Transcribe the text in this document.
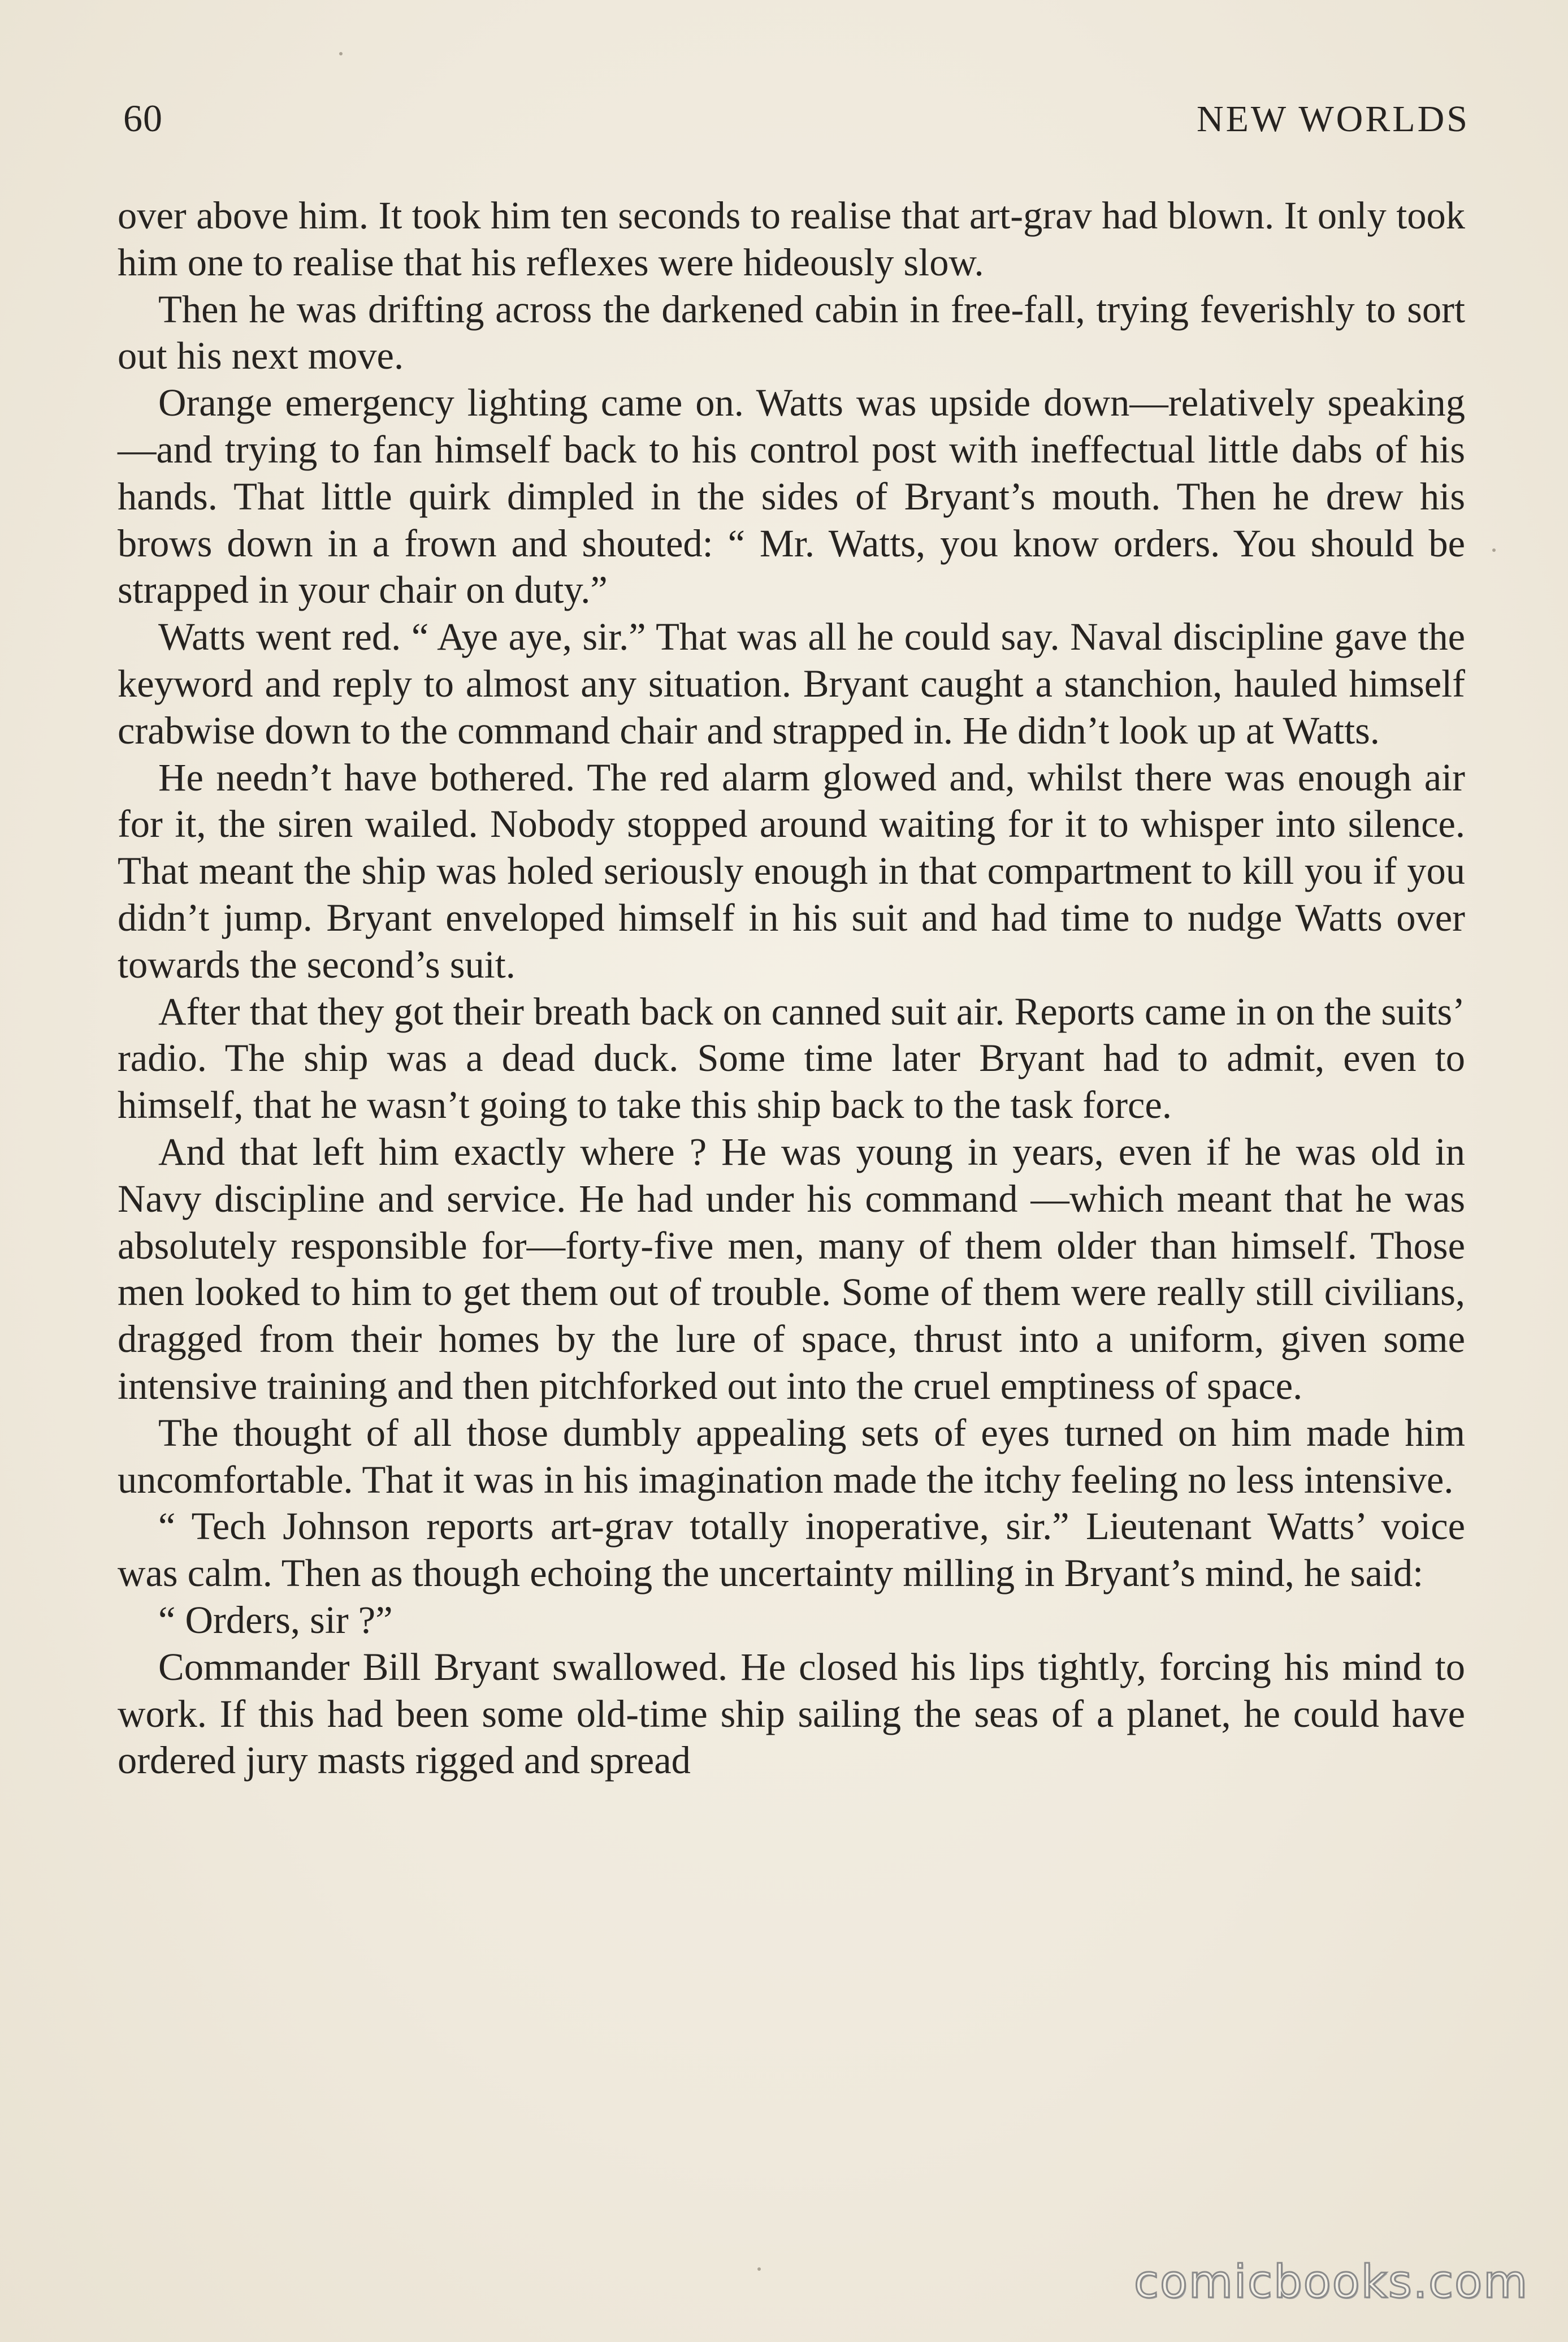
60	NEW WORLDS

over above him. It took him ten seconds to realise that art-grav had blown. It only took him one to realise that his reflexes were hideously slow.

Then he was drifting across the darkened cabin in free-fall, trying feverishly to sort out his next move.

Orange emergency lighting came on. Watts was upside down—relatively speaking—and trying to fan himself back to his control post with ineffectual little dabs of his hands. That little quirk dimpled in the sides of Bryant’s mouth. Then he drew his brows down in a frown and shouted: “ Mr. Watts, you know orders. You should be strapped in your chair on duty.”

Watts went red. “ Aye aye, sir.” That was all he could say. Naval discipline gave the keyword and reply to almost any situation. Bryant caught a stanchion, hauled himself crabwise down to the command chair and strapped in. He didn’t look up at Watts.

He needn’t have bothered. The red alarm glowed and, whilst there was enough air for it, the siren wailed. Nobody stopped around waiting for it to whisper into silence. That meant the ship was holed seriously enough in that compartment to kill you if you didn’t jump. Bryant enveloped himself in his suit and had time to nudge Watts over towards the second’s suit.

After that they got their breath back on canned suit air. Reports came in on the suits’ radio. The ship was a dead duck. Some time later Bryant had to admit, even to himself, that he wasn’t going to take this ship back to the task force.

And that left him exactly where ? He was young in years, even if he was old in Navy discipline and service. He had under his command —which meant that he was absolutely responsible for—forty-five men, many of them older than himself. Those men looked to him to get them out of trouble. Some of them were really still civilians, dragged from their homes by the lure of space, thrust into a uniform, given some intensive training and then pitchforked out into the cruel emptiness of space.

The thought of all those dumbly appealing sets of eyes turned on him made him uncomfortable. That it was in his imagination made the itchy feeling no less intensive.

“ Tech Johnson reports art-grav totally inoperative, sir.” Lieutenant Watts’ voice was calm. Then as though echoing the uncertainty milling in Bryant’s mind, he said:

“ Orders, sir ?”

Commander Bill Bryant swallowed. He closed his lips tightly, forcing his mind to work. If this had been some old-time ship sailing the seas of a planet, he could have ordered jury masts rigged and spread

comicbooks.com
